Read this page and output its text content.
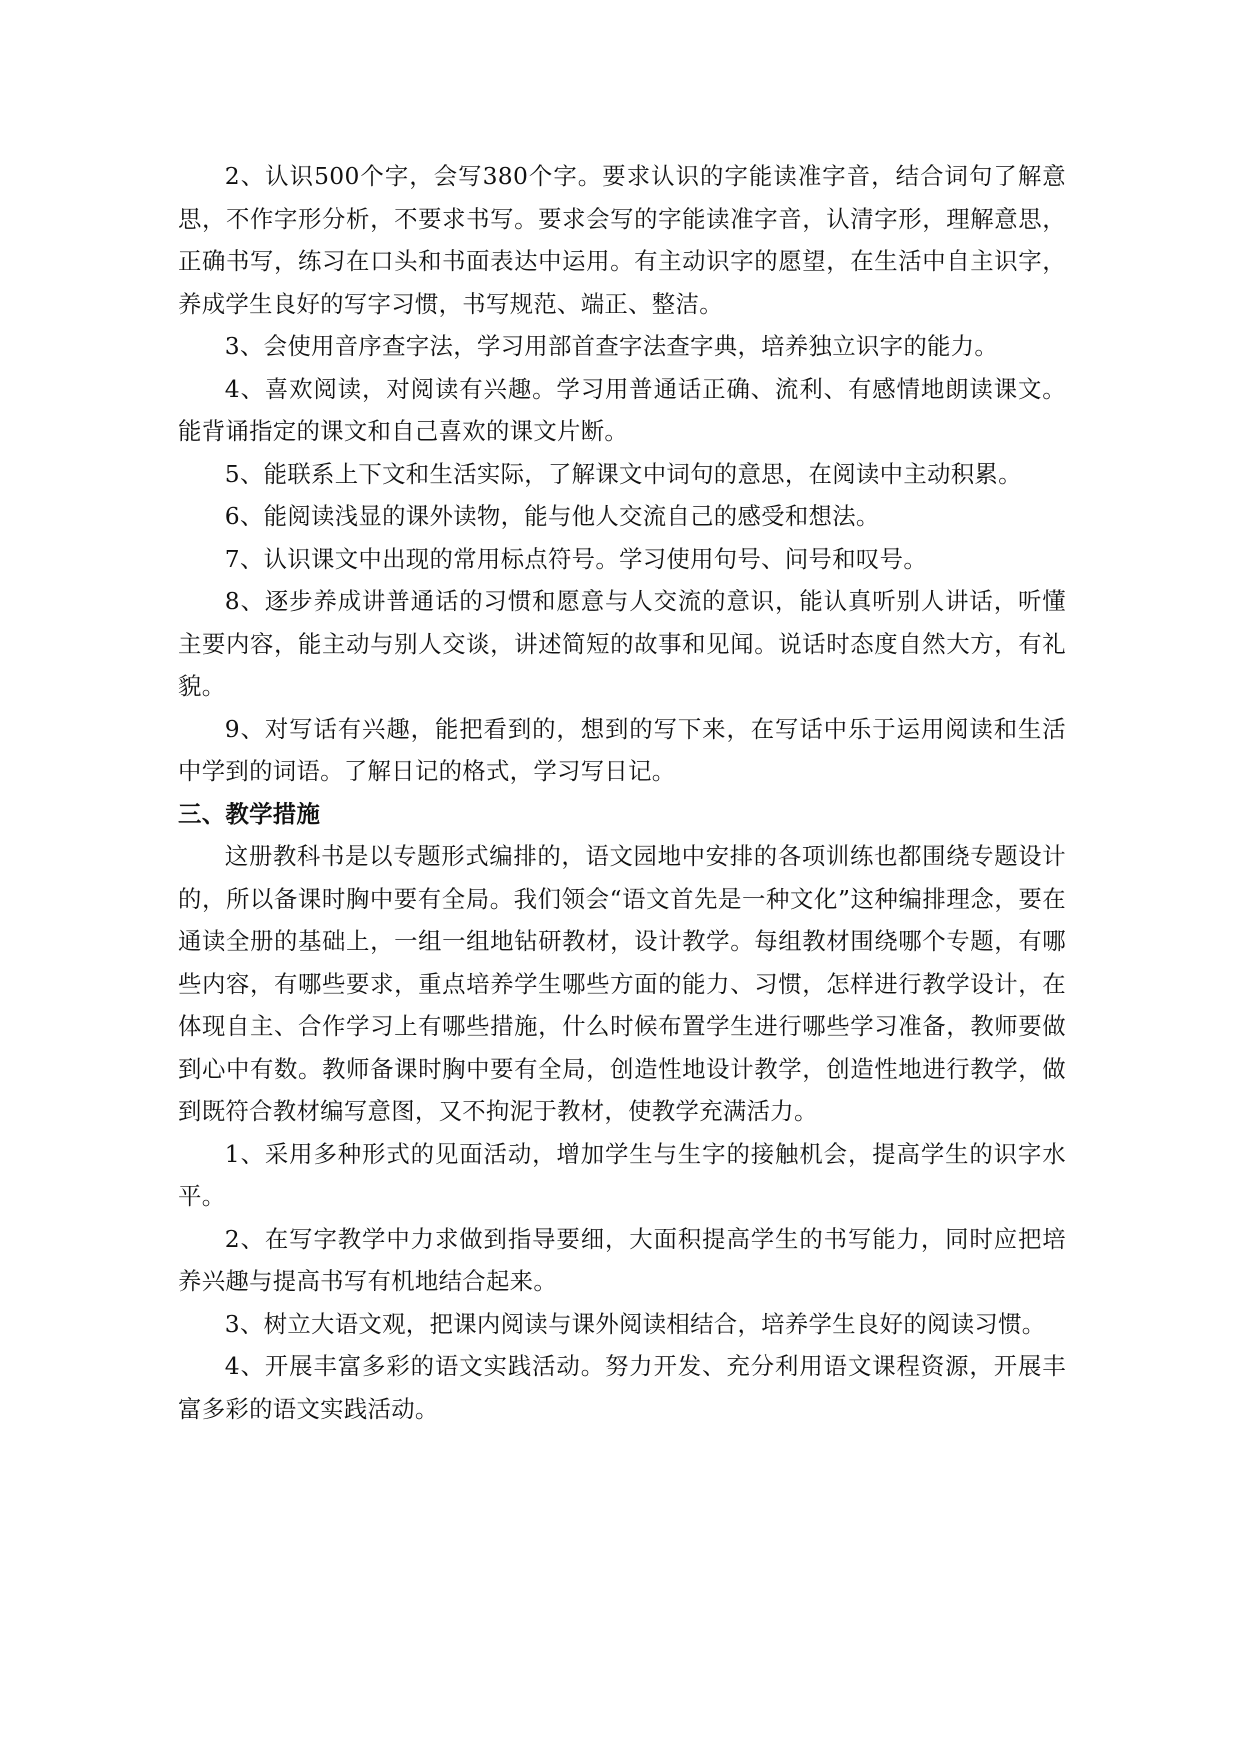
2、认识500个字，会写380个字。要求认识的字能读准字音，结合词句了解意思，不作字形分析，不要求书写。要求会写的字能读准字音，认清字形，理解意思，正确书写，练习在口头和书面表达中运用。有主动识字的愿望，在生活中自主识字，养成学生良好的写字习惯，书写规范、端正、整洁。

3、会使用音序查字法，学习用部首查字法查字典，培养独立识字的能力。

4、喜欢阅读，对阅读有兴趣。学习用普通话正确、流利、有感情地朗读课文。能背诵指定的课文和自己喜欢的课文片断。

5、能联系上下文和生活实际，了解课文中词句的意思，在阅读中主动积累。

6、能阅读浅显的课外读物，能与他人交流自己的感受和想法。

7、认识课文中出现的常用标点符号。学习使用句号、问号和叹号。

8、逐步养成讲普通话的习惯和愿意与人交流的意识，能认真听别人讲话，听懂主要内容，能主动与别人交谈，讲述简短的故事和见闻。说话时态度自然大方，有礼貌。

9、对写话有兴趣，能把看到的，想到的写下来，在写话中乐于运用阅读和生活中学到的词语。了解日记的格式，学习写日记。

三、教学措施

这册教科书是以专题形式编排的，语文园地中安排的各项训练也都围绕专题设计的，所以备课时胸中要有全局。我们领会“语文首先是一种文化”这种编排理念，要在通读全册的基础上，一组一组地钻研教材，设计教学。每组教材围绕哪个专题，有哪些内容，有哪些要求，重点培养学生哪些方面的能力、习惯，怎样进行教学设计，在体现自主、合作学习上有哪些措施，什么时候布置学生进行哪些学习准备，教师要做到心中有数。教师备课时胸中要有全局，创造性地设计教学，创造性地进行教学，做到既符合教材编写意图，又不拘泥于教材，使教学充满活力。

1、采用多种形式的见面活动，增加学生与生字的接触机会，提高学生的识字水平。

2、在写字教学中力求做到指导要细，大面积提高学生的书写能力，同时应把培养兴趣与提高书写有机地结合起来。

3、树立大语文观，把课内阅读与课外阅读相结合，培养学生良好的阅读习惯。

4、开展丰富多彩的语文实践活动。努力开发、充分利用语文课程资源，开展丰富多彩的语文实践活动。
